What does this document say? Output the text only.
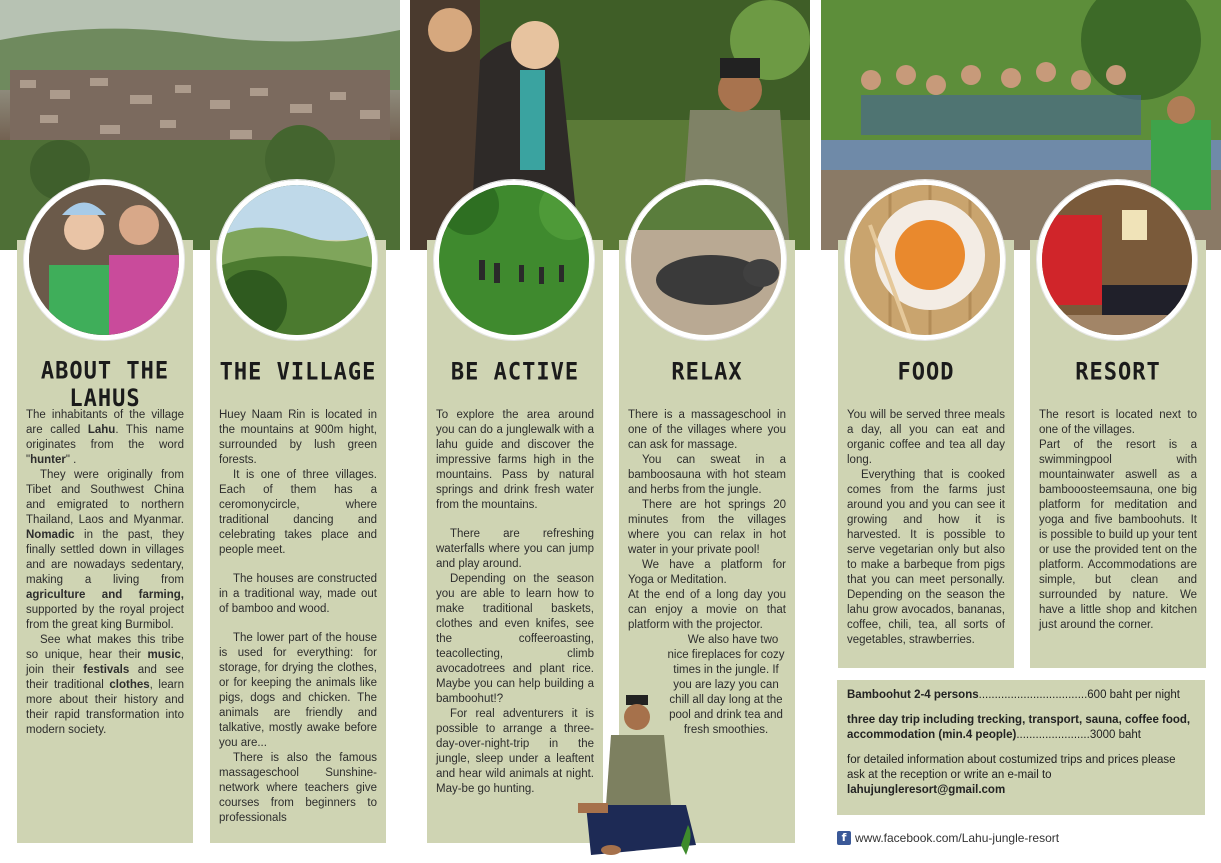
ABOUT THE LAHUS
THE VILLAGE

The inhabitants of the village are called Lahu. This name originates from the word "hunter" .

They were originally from Tibet and Southwest China and emigrated to northern Thailand, Laos and Myanmar. Nomadic in the past, they finally settled down in villages and are nowadays sedentary, making a living from agriculture and farming, supported by the royal project from the great king Burmibol.

See what makes this tribe so unique, hear their music, join their festivals and see their traditional clothes, learn more about their history and their rapid transformation into modern society.

Huey Naam Rin is located in the mountains at 900m hight, surrounded by lush green forests.

It is one of three villages. Each of them has a ceromonycircle, where traditional dancing and celebrating takes place and people meet.

The houses are constructed in a traditional way, made out of bamboo and wood.

The lower part of the house is used for everything: for storage, for drying the clothes, or for keeping the animals like pigs, dogs and chicken. The animals are friendly and talkative, mostly awake before you are...

There is also the famous massageschool Sunshine-network where teachers give courses from beginners to professionals

BE ACTIVE	RELAX

To explore the area around you can do a junglewalk with a lahu guide and discover the impressive farms high in the mountains. Pass by natural springs and drink fresh water from the mountains.

There are refreshing waterfalls where you can jump and play around.

Depending on the season you are able to learn how to make traditional baskets, clothes and even knifes, see the coffeeroasting, teacollecting, climb avocadotrees and plant rice. Maybe you can help building a bamboohut!?

For real adventurers it is possible to arrange a three-day-over-night-trip in the jungle, sleep under a leaftent and hear wild animals at night. May-be go hunting.

There is a massageschool in one of the villages where you can ask for massage.

You can sweat in a bamboosauna with hot steam and herbs from the jungle.

There are hot springs 20 minutes from the villages where you can relax in hot water in your private pool!

We have a platform for Yoga or Meditation.

At the end of a long day you can enjoy a movie on that platform with the projector.

We also have two nice fireplaces for cozy times in the jungle. If you are lazy you can chill all day long at the pool and drink tea and fresh smoothies.

FOOD	RESORT

You will be served three meals a day, all you can eat and organic coffee and tea all day long.

Everything that is cooked comes from the farms just around you and you can see it growing and how it is harvested. It is possible to serve vegetarian only but also to make a barbeque from pigs that you can meet personally. Depending on the season the lahu grow avocados, bananas, coffee, chili, tea, all sorts of vegetables, strawberries.

The resort is located next to one of the villages.

Part of the resort is a swimmingpool with mountainwater aswell as a bambooosteemsauna, one big platform for meditation and yoga and five bamboohuts. It is possible to build up your tent or use the provided tent on the platform. Accommodations are simple, but clean and surrounded by nature. We have a little shop and kitchen just around the corner.

Bamboohut 2-4 persons..................................600 baht per night
three day trip including trecking, transport, sauna, coffee food, accommodation (min.4 people).......................3000 baht
for detailed information about costumized trips and prices please ask at the reception or write an e-mail to
lahujungleresort@gmail.com
f www.facebook.com/Lahu-jungle-resort
